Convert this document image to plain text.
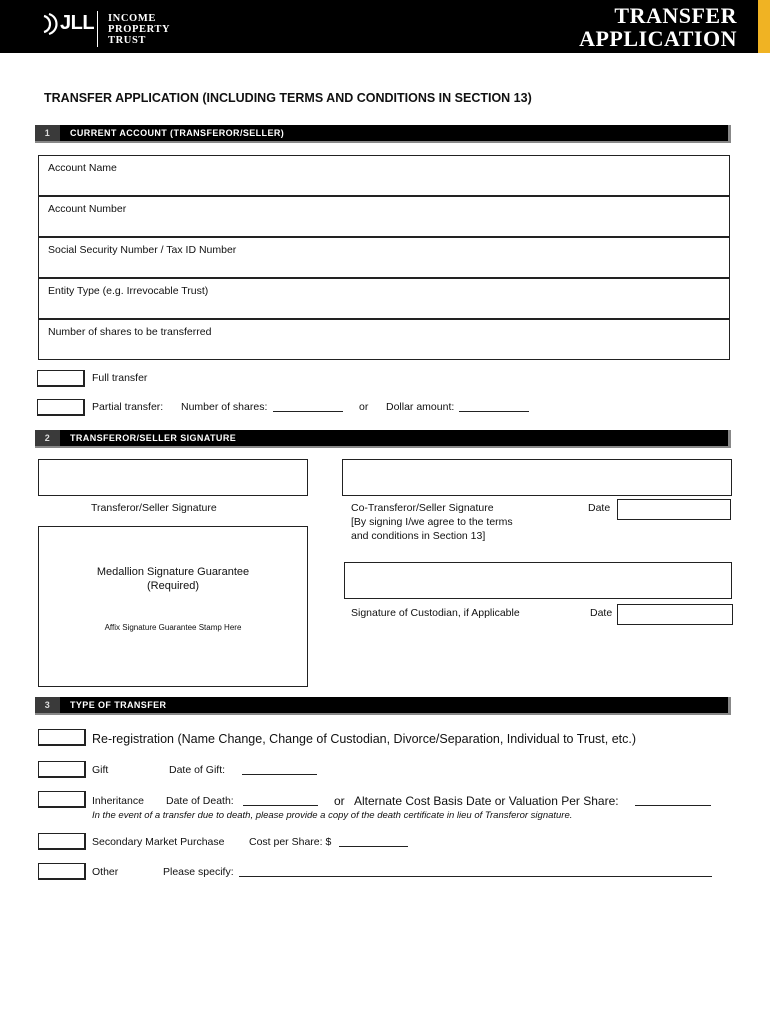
JLL INCOME
PROPERTY
TRUST
TRANSFER
APPLICATION
TRANSFER APPLICATION (INCLUDING TERMS AND CONDITIONS IN SECTION 13)
1	CURRENT ACCOUNT (TRANSFEROR/SELLER)
Account Name
Account Number
Social Security Number / Tax ID Number
Entity Type (e.g. Irrevocable Trust)
Number of shares to be transferred
Full transfer
Partial transfer: Number of shares:	or Dollar amount:
2	TRANSFEROR/SELLER SIGNATURE
Transferor/Seller Signature	Co-Transferor/Seller Signature
[By signing I/we agree to the terms
and conditions in Section 13]
Date
Medallion Signature Guarantee
(Required)
Affix Signature Guarantee Stamp Here
Signature of Custodian, if Applicable	Date
3	TYPE OF TRANSFER
Re-registration (Name Change, Change of Custodian, Divorce/Separation, Individual to Trust, etc.)
Gift	Date of Gift:
Inheritance Date of Death:	or Alternate Cost Basis Date or Valuation Per Share:
In the event of a transfer due to death, please provide a copy of the death certificate in lieu of Transferor signature.
Secondary Market Purchase Cost per Share: $
Other	Please specify:
